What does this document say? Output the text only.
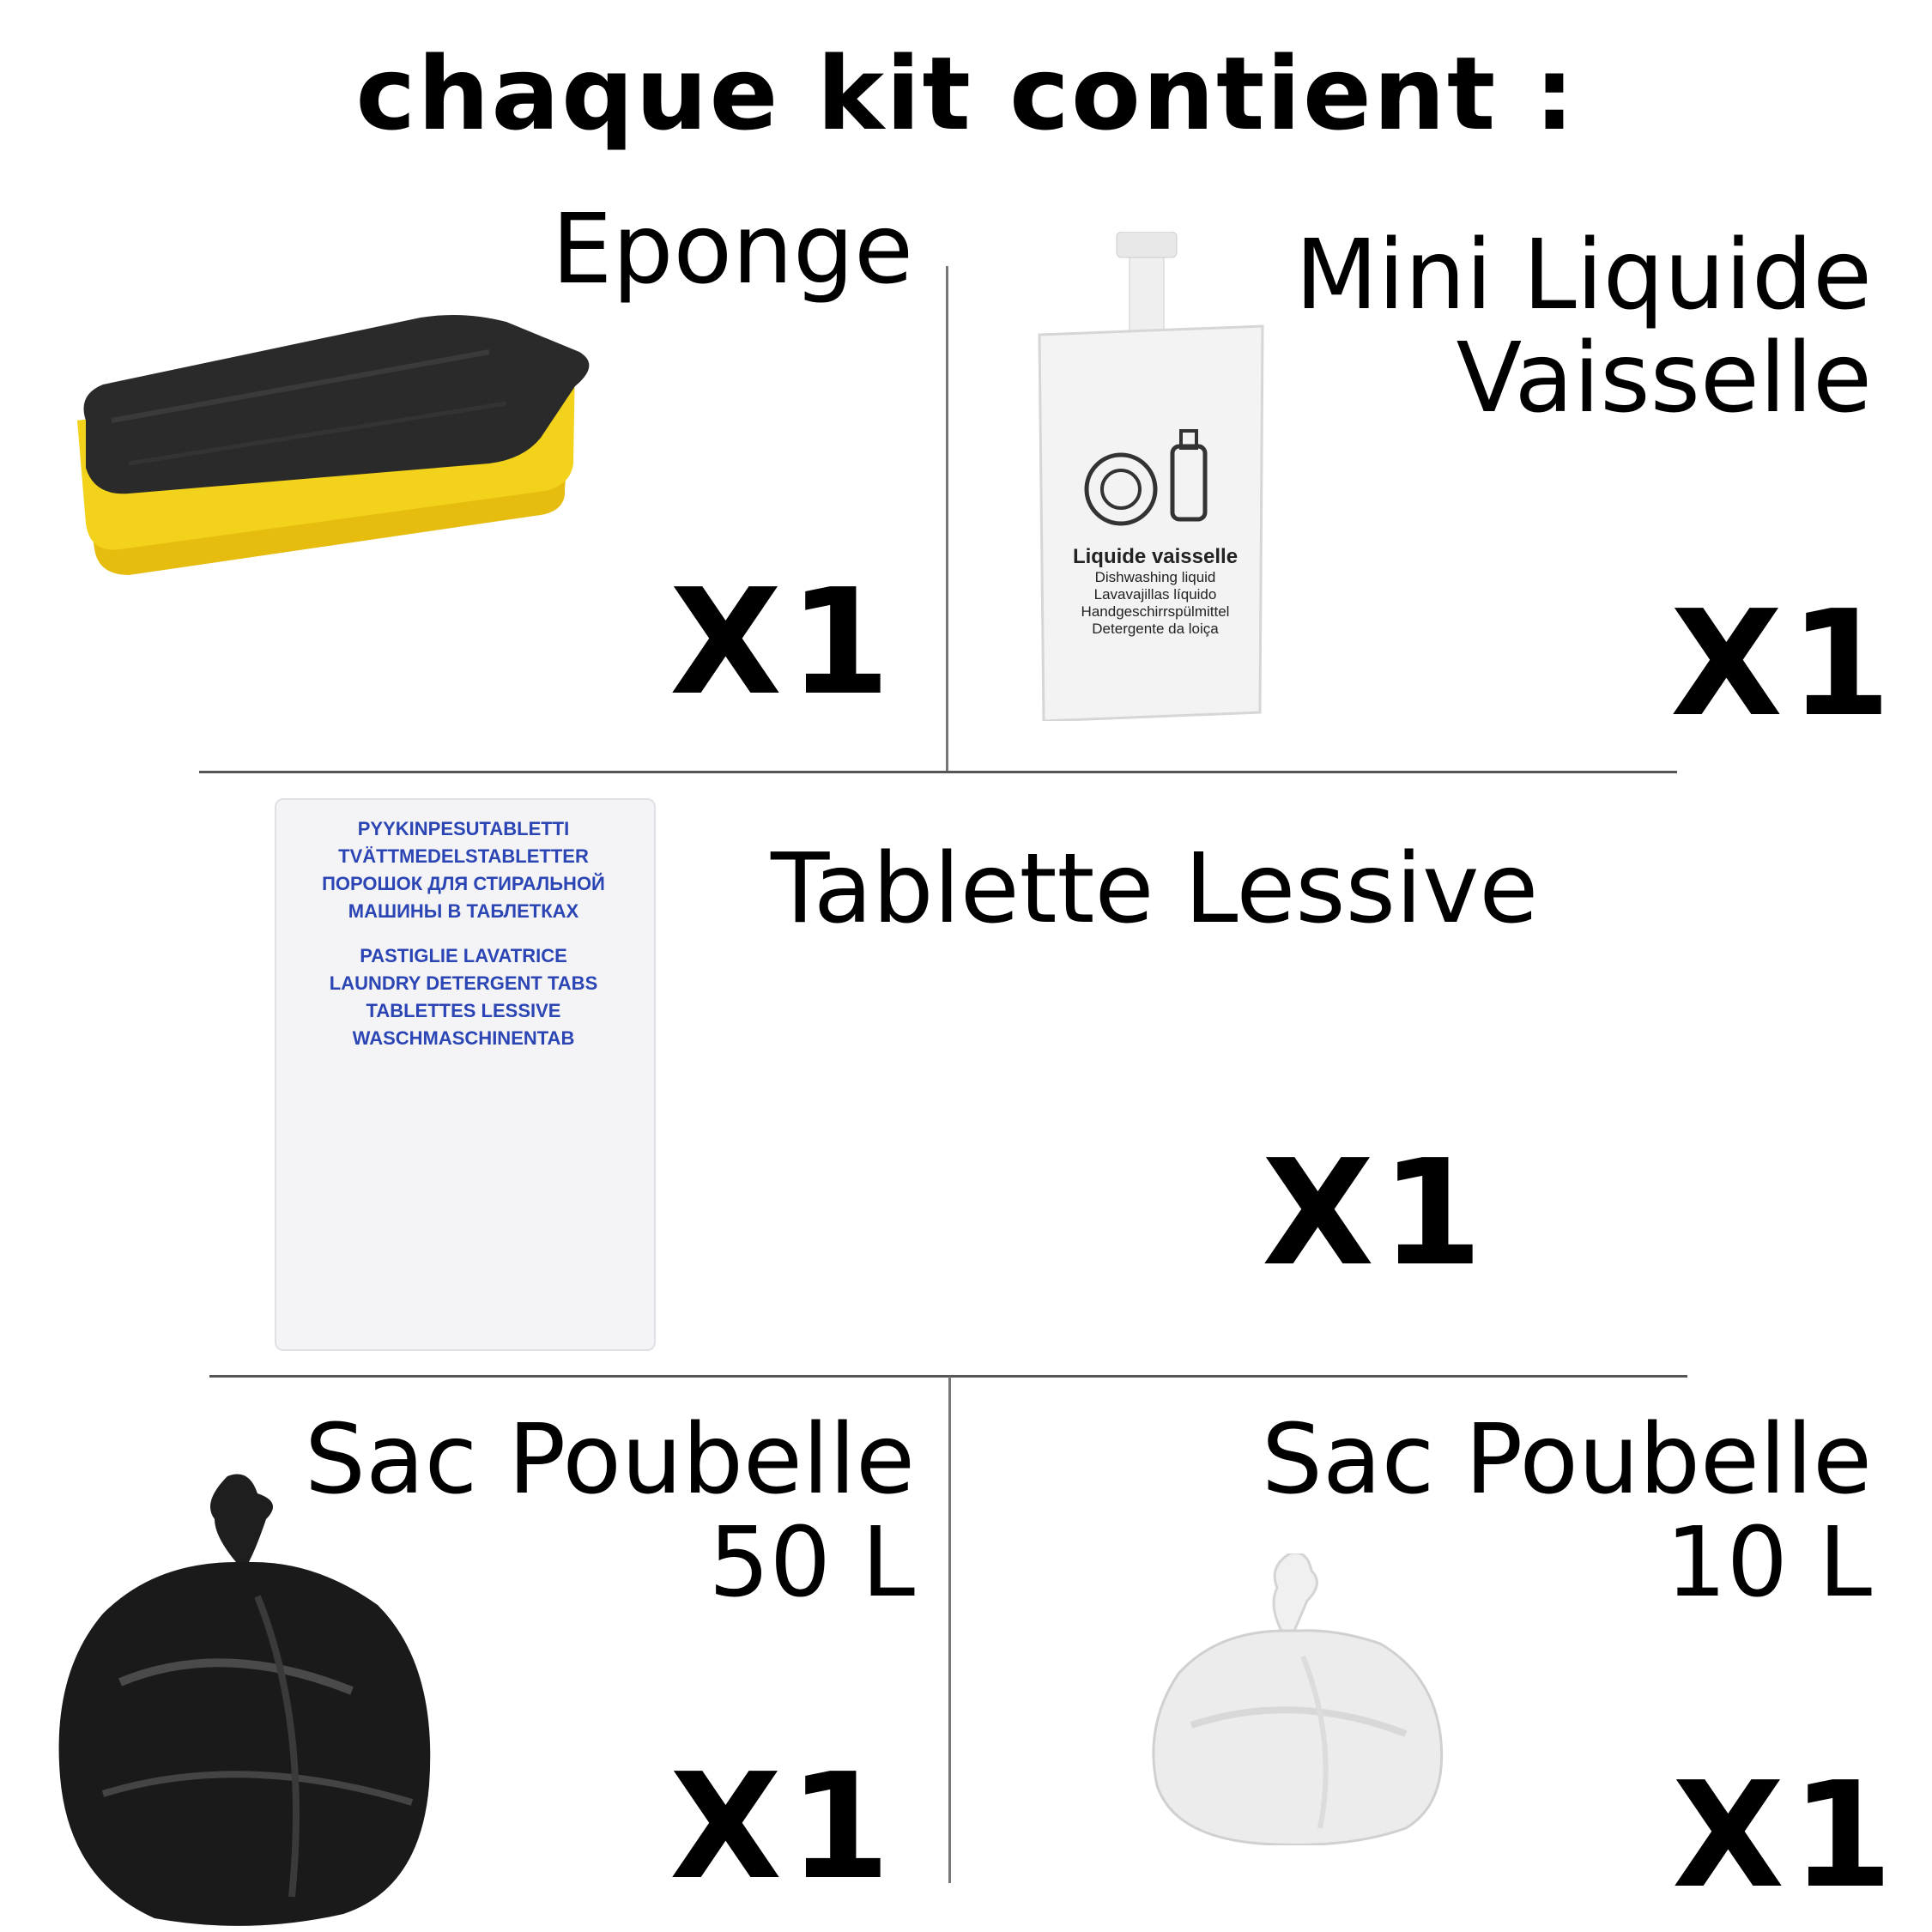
chaque kit contient :
Eponge
X1
Mini Liquide
Vaisselle
Liquide vaisselle
Dishwashing liquid
Lavavajillas líquido
Handgeschirrspülmittel
Detergente da loiça	X1
PYYKINPESUTABLETTI
TVÄTTMEDELSTABLETTER
ПОРОШОК ДЛЯ СТИРАЛЬНОЙ
МАШИНЫ В ТАБЛЕТКАХ
PASTIGLIE LAVATRICE
LAUNDRY DETERGENT TABS
TABLETTES LESSIVE
WASCHMASCHINENTAB
Tablette Lessive
X1
Sac Poubelle
50 L
X1
Sac Poubelle
10 L
X1
